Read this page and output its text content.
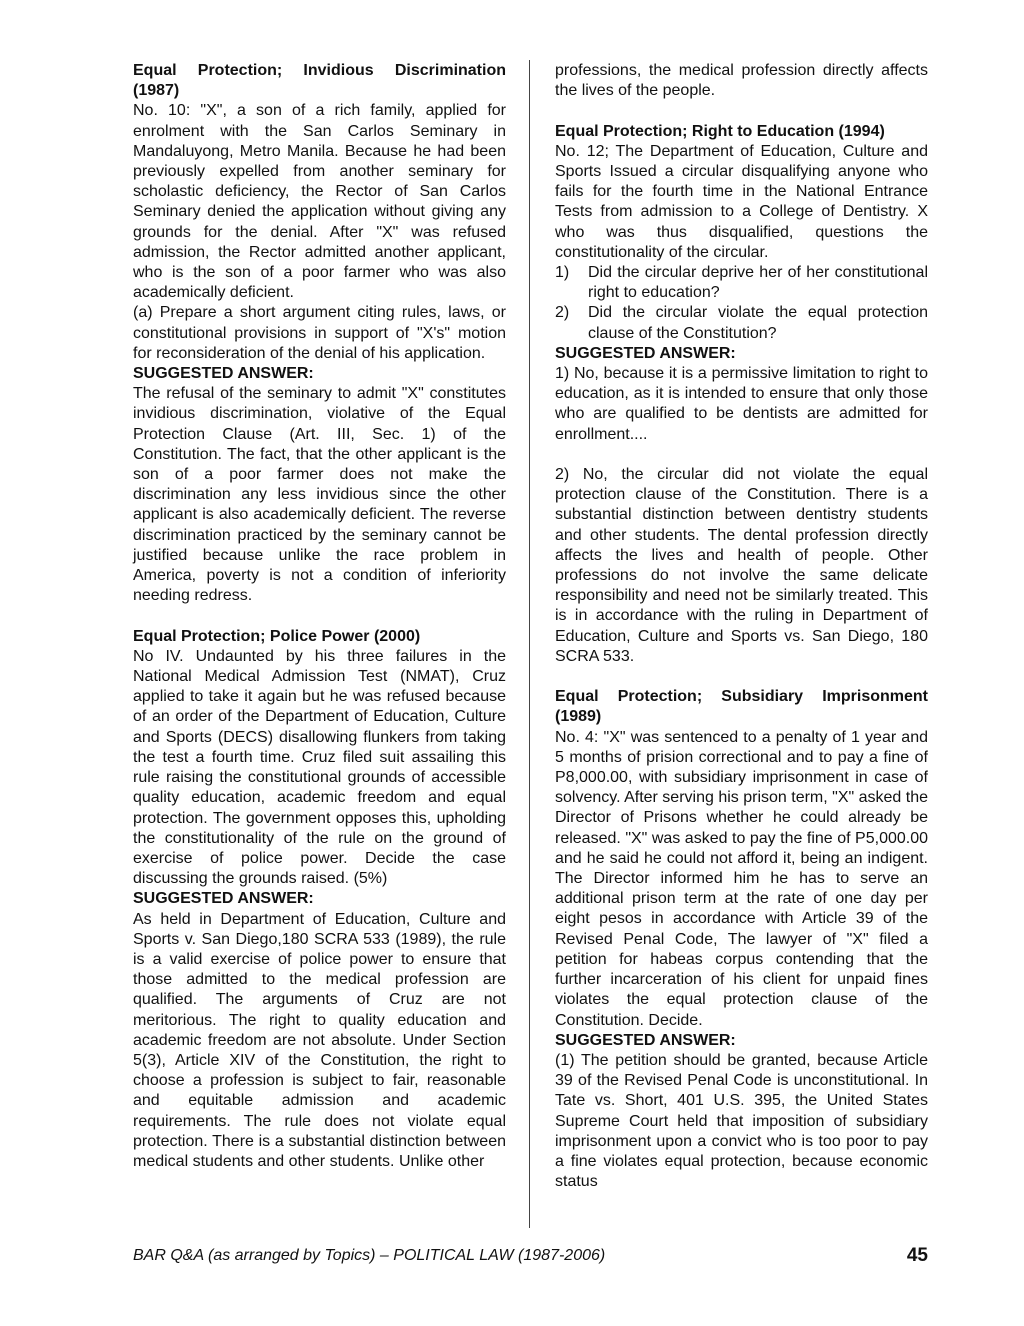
Equal Protection; Invidious Discrimination (1987)

No. 10: "X", a son of a rich family, applied for enrolment with the San Carlos Seminary in Mandaluyong, Metro Manila. Because he had been previously expelled from another seminary for scholastic deficiency, the Rector of San Carlos Seminary denied the application without giving any grounds for the denial. After "X" was refused admission, the Rector admitted another applicant, who is the son of a poor farmer who was also academically deficient.

(a) Prepare a short argument citing rules, laws, or constitutional provisions in support of "X's" motion for reconsideration of the denial of his application.

SUGGESTED ANSWER:

The refusal of the seminary to admit "X" constitutes invidious discrimination, violative of the Equal Protection Clause (Art. III, Sec. 1) of the Constitution. The fact, that the other applicant is the son of a poor farmer does not make the discrimination any less invidious since the other applicant is also academically deficient. The reverse discrimination practiced by the seminary cannot be justified because unlike the race problem in America, poverty is not a condition of inferiority needing redress.

Equal Protection; Police Power (2000)

No IV. Undaunted by his three failures in the National Medical Admission Test (NMAT), Cruz applied to take it again but he was refused because of an order of the Department of Education, Culture and Sports (DECS) disallowing flunkers from taking the test a fourth time. Cruz filed suit assailing this rule raising the constitutional grounds of accessible quality education, academic freedom and equal protection. The government opposes this, upholding the constitutionality of the rule on the ground of exercise of police power. Decide the case discussing the grounds raised. (5%)

SUGGESTED ANSWER:

As held in Department of Education, Culture and Sports v. San Diego,180 SCRA 533 (1989), the rule is a valid exercise of police power to ensure that those admitted to the medical profession are qualified. The arguments of Cruz are not meritorious. The right to quality education and academic freedom are not absolute. Under Section 5(3), Article XIV of the Constitution, the right to choose a profession is subject to fair, reasonable and equitable admission and academic requirements. The rule does not violate equal protection. There is a substantial distinction between medical students and other students. Unlike other

professions, the medical profession directly affects the lives of the people.

Equal Protection; Right to Education (1994)

No. 12; The Department of Education, Culture and Sports Issued a circular disqualifying anyone who fails for the fourth time in the National Entrance Tests from admission to a College of Dentistry. X who was thus disqualified, questions the constitutionality of the circular.

1)	Did the circular deprive her of her constitutional right to education?
2)	Did the circular violate the equal protection clause of the Constitution?

SUGGESTED ANSWER:

1) No, because it is a permissive limitation to right to education, as it is intended to ensure that only those who are qualified to be dentists are admitted for enrollment....

2) No, the circular did not violate the equal protection clause of the Constitution. There is a substantial distinction between dentistry students and other students. The dental profession directly affects the lives and health of people. Other professions do not involve the same delicate responsibility and need not be similarly treated. This is in accordance with the ruling in Department of Education, Culture and Sports vs. San Diego, 180 SCRA 533.

Equal Protection; Subsidiary Imprisonment (1989)

No. 4: "X" was sentenced to a penalty of 1 year and 5 months of prision correctional and to pay a fine of P8,000.00, with subsidiary imprisonment in case of solvency. After serving his prison term, "X" asked the Director of Prisons whether he could already be released. "X" was asked to pay the fine of P5,000.00 and he said he could not afford it, being an indigent. The Director informed him he has to serve an additional prison term at the rate of one day per eight pesos in accordance with Article 39 of the Revised Penal Code, The lawyer of "X" filed a petition for habeas corpus contending that the further incarceration of his client for unpaid fines violates the equal protection clause of the Constitution. Decide.

SUGGESTED ANSWER:

(1) The petition should be granted, because Article 39 of the Revised Penal Code is unconstitutional. In Tate vs. Short, 401 U.S. 395, the United States Supreme Court held that imposition of subsidiary imprisonment upon a convict who is too poor to pay a fine violates equal protection, because economic status

BAR Q&A (as arranged by Topics) – POLITICAL LAW (1987-2006)	45
